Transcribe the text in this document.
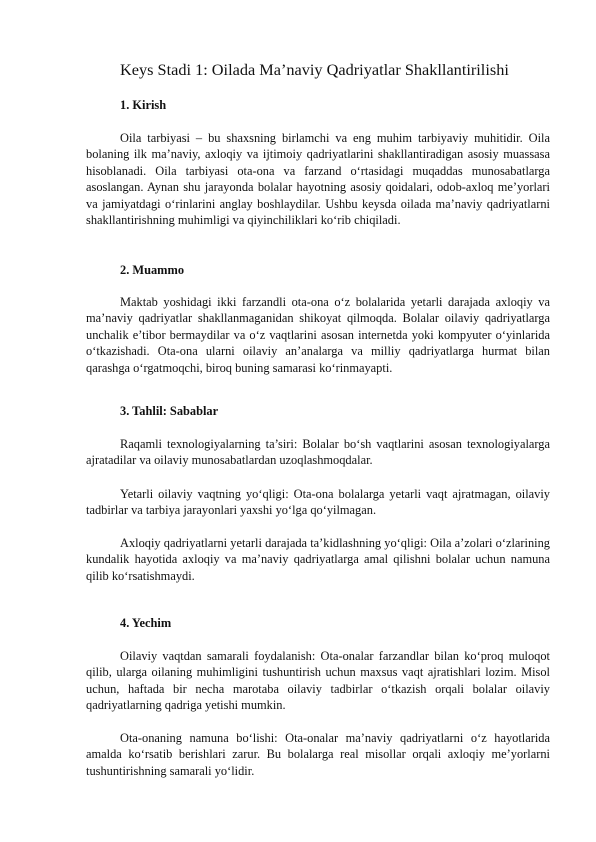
Keys Stadi 1: Oilada Ma’naviy Qadriyatlar Shakllantirilishi
1. Kirish

Oila tarbiyasi – bu shaxsning birlamchi va eng muhim tarbiyaviy muhitidir. Oila bolaning ilk ma’naviy, axloqiy va ijtimoiy qadriyatlarini shakllantiradigan asosiy muassasa hisoblanadi. Oila tarbiyasi ota-ona va farzand o‘rtasidagi muqaddas munosabatlarga asoslangan. Aynan shu jarayonda bolalar hayotning asosiy qoidalari, odob-axloq me’yorlari va jamiyatdagi o‘rinlarini anglay boshlaydilar. Ushbu keysda oilada ma’naviy qadriyatlarni shakllantirishning muhimligi va qiyinchiliklari ko‘rib chiqiladi.

2. Muammo

Maktab yoshidagi ikki farzandli ota-ona o‘z bolalarida yetarli darajada axloqiy va ma’naviy qadriyatlar shakllanmaganidan shikoyat qilmoqda. Bolalar oilaviy qadriyatlarga unchalik e’tibor bermaydilar va o‘z vaqtlarini asosan internetda yoki kompyuter o‘yinlarida o‘tkazishadi. Ota-ona ularni oilaviy an’analarga va milliy qadriyatlarga hurmat bilan qarashga o‘rgatmoqchi, biroq buning samarasi ko‘rinmayapti.

3. Tahlil: Sabablar

Raqamli texnologiyalarning ta’siri: Bolalar bo‘sh vaqtlarini asosan texnologiyalarga ajratadilar va oilaviy munosabatlardan uzoqlashmoqdalar.

Yetarli oilaviy vaqtning yo‘qligi: Ota-ona bolalarga yetarli vaqt ajratmagan, oilaviy tadbirlar va tarbiya jarayonlari yaxshi yo‘lga qo‘yilmagan.

Axloqiy qadriyatlarni yetarli darajada ta’kidlashning yo‘qligi: Oila a’zolari o‘zlarining kundalik hayotida axloqiy va ma’naviy qadriyatlarga amal qilishni bolalar uchun namuna qilib ko‘rsatishmaydi.

4. Yechim

Oilaviy vaqtdan samarali foydalanish: Ota-onalar farzandlar bilan ko‘proq muloqot qilib, ularga oilaning muhimligini tushuntirish uchun maxsus vaqt ajratishlari lozim. Misol uchun, haftada bir necha marotaba oilaviy tadbirlar o‘tkazish orqali bolalar oilaviy qadriyatlarning qadriga yetishi mumkin.

Ota-onaning namuna bo‘lishi: Ota-onalar ma’naviy qadriyatlarni o‘z hayotlarida amalda ko‘rsatib berishlari zarur. Bu bolalarga real misollar orqali axloqiy me’yorlarni tushuntirishning samarali yo‘lidir.
